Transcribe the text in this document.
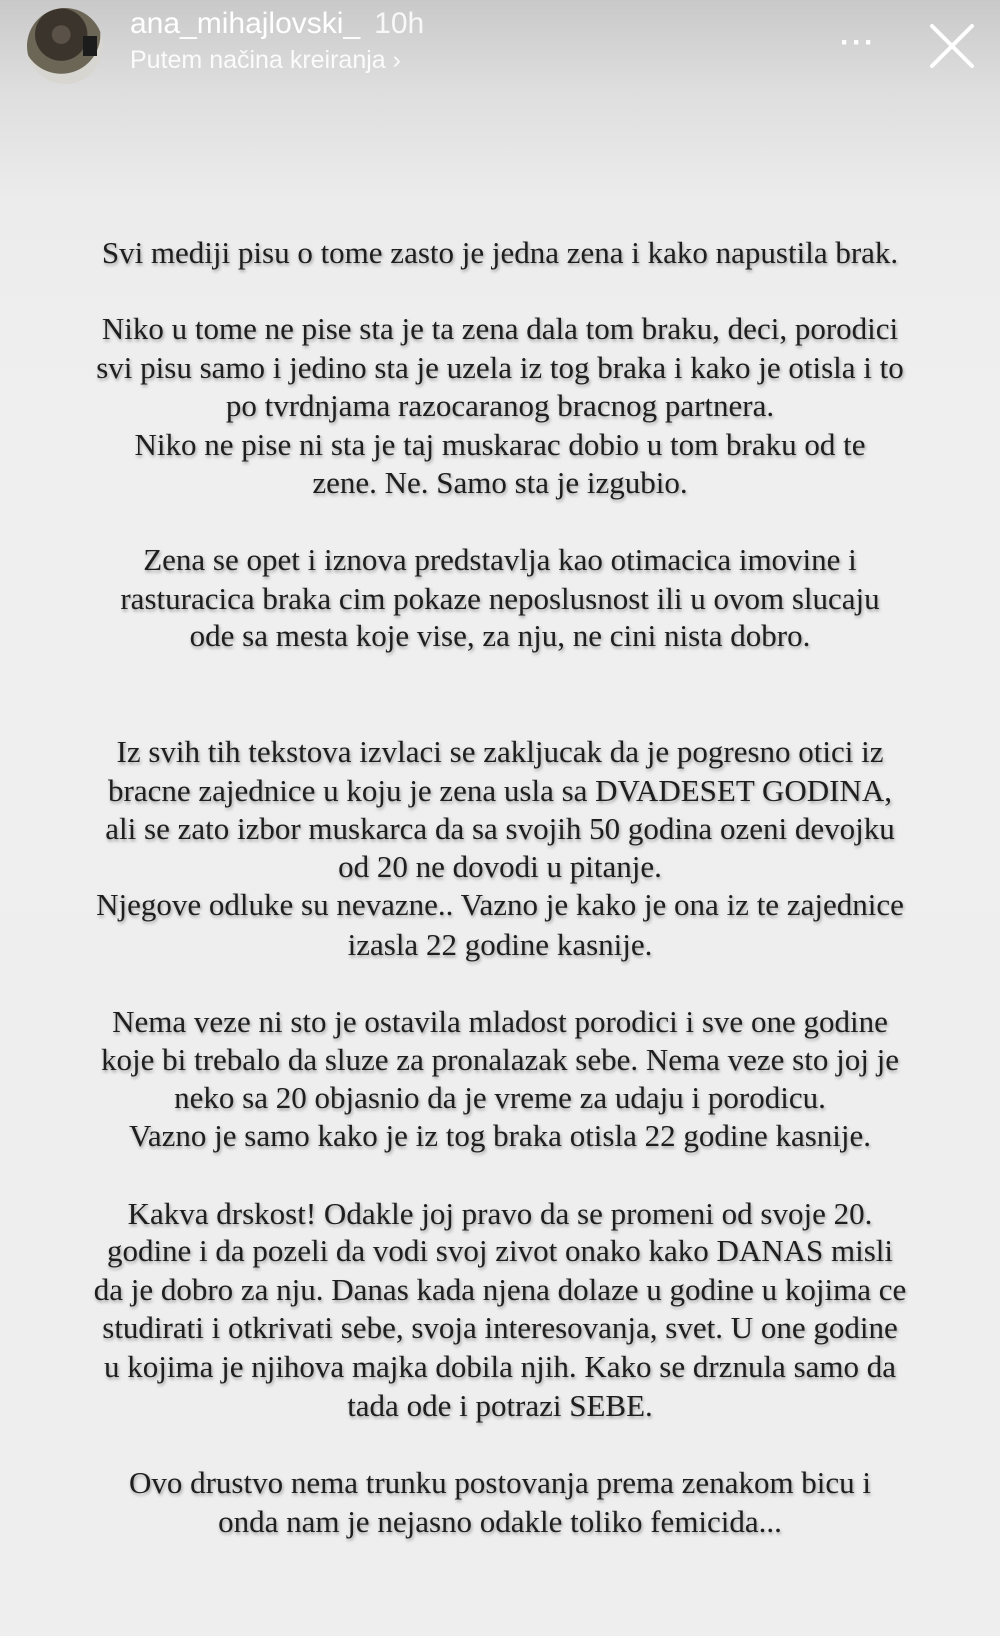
ana_mihajlovski_ 10h
Putem načina kreiranja ›
···
Svi mediji pisu o tome zasto je jedna zena i kako napustila brak.
Niko u tome ne pise sta je ta zena dala tom braku, deci, porodici
svi pisu samo i jedino sta je uzela iz tog braka i kako je otisla i to
po tvrdnjama razocaranog bracnog partnera.
Niko ne pise ni sta je taj muskarac dobio u tom braku od te
zene. Ne. Samo sta je izgubio.
Zena se opet i iznova predstavlja kao otimacica imovine i
rasturacica braka cim pokaze neposlusnost ili u ovom slucaju
ode sa mesta koje vise, za nju, ne cini nista dobro.
Iz svih tih tekstova izvlaci se zakljucak da je pogresno otici iz
bracne zajednice u koju je zena usla sa DVADESET GODINA,
ali se zato izbor muskarca da sa svojih 50 godina ozeni devojku
od 20 ne dovodi u pitanje.
Njegove odluke su nevazne.. Vazno je kako je ona iz te zajednice
izasla 22 godine kasnije.
Nema veze ni sto je ostavila mladost porodici i sve one godine
koje bi trebalo da sluze za pronalazak sebe. Nema veze sto joj je
neko sa 20 objasnio da je vreme za udaju i porodicu.
Vazno je samo kako je iz tog braka otisla 22 godine kasnije.
Kakva drskost! Odakle joj pravo da se promeni od svoje 20.
godine i da pozeli da vodi svoj zivot onako kako DANAS misli
da je dobro za nju. Danas kada njena dolaze u godine u kojima ce
studirati i otkrivati sebe, svoja interesovanja, svet. U one godine
u kojima je njihova majka dobila njih. Kako se drznula samo da
tada ode i potrazi SEBE.
Ovo drustvo nema trunku postovanja prema zenakom bicu i
onda nam je nejasno odakle toliko femicida...
